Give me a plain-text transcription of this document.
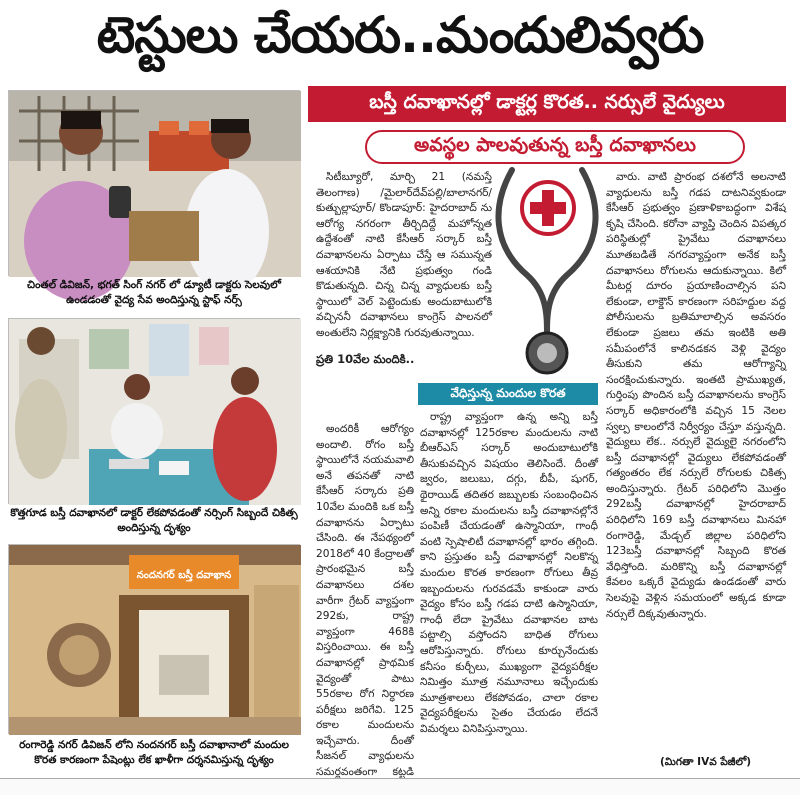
టెస్టులు చేయరు..మందులివ్వరు
చింతల్ డివిజన్, భగత్ సింగ్ నగర్ లో డ్యూటీ డాక్టరు సెలవులో ఉండడంతో వైద్య సేవ అందిస్తున్న స్టాఫ్ నర్స్
కొత్తగూడ బస్తీ దవాఖానలో డాక్టర్ లేకపోవడంతో నర్సింగ్ సిబ్బందే చికిత్స అందిస్తున్న దృశ్యం
నందనగర్ బస్తీ దవాఖాన
రంగారెడ్డి నగర్ డివిజన్ లోని నందనగర్ బస్తీ దవాఖానాలో మందుల కొరత కారణంగా పేషెంట్లు లేక ఖాళీగా దర్శనమిస్తున్న దృశ్యం
బస్తీ దవాఖానల్లో డాక్టర్ల కొరత.. నర్సులే వైద్యులు
అవస్థల పాలవుతున్న బస్తీ దవాఖానలు

సిటీబ్యూరో, మార్చి 21 (నమస్తే తెలంగాణ) /మైలార్‌దేవ్‌పల్లి/బాలానగర్/కుత్బుల్లాపూర్/ కొండాపూర్: హైదరాబాద్ ను ఆరోగ్య నగరంగా తీర్చిదిద్దే మహోన్నత ఉద్దేశంతో నాటి కేసీఆర్ సర్కార్ బస్తీ దవాఖానలను ఏర్పాటు చేస్తే ఆ సమున్నత ఆశయానికి నేటి ప్రభుత్వం గండి కొడుతున్నది. చిన్న చిన్న వ్యాధులకు బస్తీ స్థాయిలో వెల్ పెట్టెందుకు అందుబాటులోకి వచ్చిననీ దవాఖానలు కాంగ్రెస్ పాలనలో అంతులేని నిర్లక్ష్యానికి గురవుతున్నాయి.

ప్రతి 10వేల మందికి..

అందరికీ ఆరోగ్యం అందాలి. రోగం బస్తీ స్థాయిలోనే నయమవాలి అనే తపనతో నాటి కేసీఆర్ సర్కారు ప్రతి 10వేల మందికి ఒక బస్తీ దవాఖానను ఏర్పాటు చేసింది. ఈ నేపథ్యంలో 2018లో 40 కేంద్రాలతో ప్రారంభమైన బస్తీ దవాఖానలు దశల వారీగా గ్రేటర్ వ్యాప్తంగా 292కు, రాష్ట్ర వ్యాప్తంగా 468కి విస్తరించాయి. ఈ బస్తీ దవాఖానల్లో ప్రాథమిక వైద్యంతో పాటు 55రకాల రోగ నిర్ధారణ పరీక్షలు జరిగేవి. 125 రకాల మందులను ఇచ్చేవారు. దీంతో సీజనల్ వ్యాధులను సమర్థవంతంగా కట్టడి

వేధిస్తున్న మందుల కొరత

రాష్ట్ర వ్యాప్తంగా ఉన్న అన్ని బస్తీ దవాఖానల్లో 125రకాల మందులను నాటి బీఆర్ఎస్ సర్కార్ అందుబాటులోకి తీసుకువచ్చిన విషయం తెలిసిందే. దీంతో జ్వరం, జలుబు, దగ్గు, బీపీ, షుగర్, థైరాయిడ్ తదితర జబ్బులకు సంబంధించిన అన్ని రకాల మందులను బస్తీ దవాఖానల్లోనే పంపిణీ చేయడంతో ఉస్మానియా, గాంధీ వంటి స్పెషాలిటీ దవాఖానల్లో భారం తగ్గింది. కాని ప్రస్తుతం బస్తీ దవాఖానల్లో నిలకొన్న మందుల కొరత కారణంగా రోగులు తీవ్ర ఇబ్బందులను గురవడమే కాకుండా వారు వైద్యం కోసం బస్తీ గడప దాటి ఉస్మానియా, గాంధీ లేదా ప్రైవేటు దవాఖానల బాట పట్టాల్సి వస్తోందని బాధిత రోగులు ఆరోపిస్తున్నారు. రోగులు కూర్చునేందుకు కనీసం కుర్చీలు, ముఖ్యంగా వైద్యపరీక్షల నిమిత్తం మూత్ర నమూనాలు ఇచ్చేందుకు మూత్రశాలలు లేకపోవడం, చాలా రకాల వైద్యపరీక్షలను సైతం చేయడం లేదనే విమర్శలు వినిపిస్తున్నాయి.

వారు. వాటి ప్రారంభ దశలోనే అలనాటి వ్యాధులను బస్తీ గడప దాటనివ్వకుండా కేసీఆర్ ప్రభుత్వం ప్రణాళికాబద్ధంగా విశేష కృషి చేసింది. కరోనా వ్యాప్తి చెందిన విపత్కర పరిస్థితుల్లో ప్రైవేటు దవాఖానలు మూతబడితే నగరవ్యాప్తంగా అనేక బస్తీ దవాఖానలు రోగులను ఆదుకున్నాయి. కిలో మీటర్ల దూరం ప్రయాణించాల్సిన పని లేకుండా, లాక్డౌన్ కారణంగా సరిహద్దుల వద్ద పోలీసులను బ్రతిమాలాల్సిన అవసరం లేకుండా ప్రజలు తమ ఇంటికి అతి సమీపంలోనే కాలినడకన వెళ్లి వైద్యం తీసుకుని తమ ఆరోగ్యాన్ని సంరక్షించుకున్నారు. ఇంతటి ప్రాముఖ్యత, గుర్తింపు పొందిన బస్తీ దవాఖానలను కాంగ్రెస్ సర్కార్ అధికారంలోకి వచ్చిన 15 నెలల స్వల్ప కాలంలోనే నిర్వీర్యం చేస్తూ వస్తున్నది. వైద్యులు లేక.. నర్సులే వైద్యులై నగరంలోని బస్తీ దవాఖానల్లో వైద్యులు లేకపోవడంతో గత్యంతరం లేక నర్సులే రోగులకు చికిత్స అందిస్తున్నారు. గ్రేటర్ పరిధిలోని మొత్తం 292బస్తీ దవాఖానల్లో హైదరాబాద్ పరిధిలోని 169 బస్తీ దవాఖానలు మినహా రంగారెడ్డి, మేడ్చల్ జిల్లాల పరిధిలోని 123బస్తీ దవాఖానల్లో సిబ్బంది కొరత వేధిస్తోంది. మరికొన్ని బస్తీ దవాఖానల్లో కేవలం ఒక్కరే వైద్యుడు ఉండడంతో వారు సెలవుపై వెళ్లిన సమయంలో అక్కడ కూడా నర్సులే దిక్కవుతున్నారు.

(మిగతా IVవ పేజీలో)
